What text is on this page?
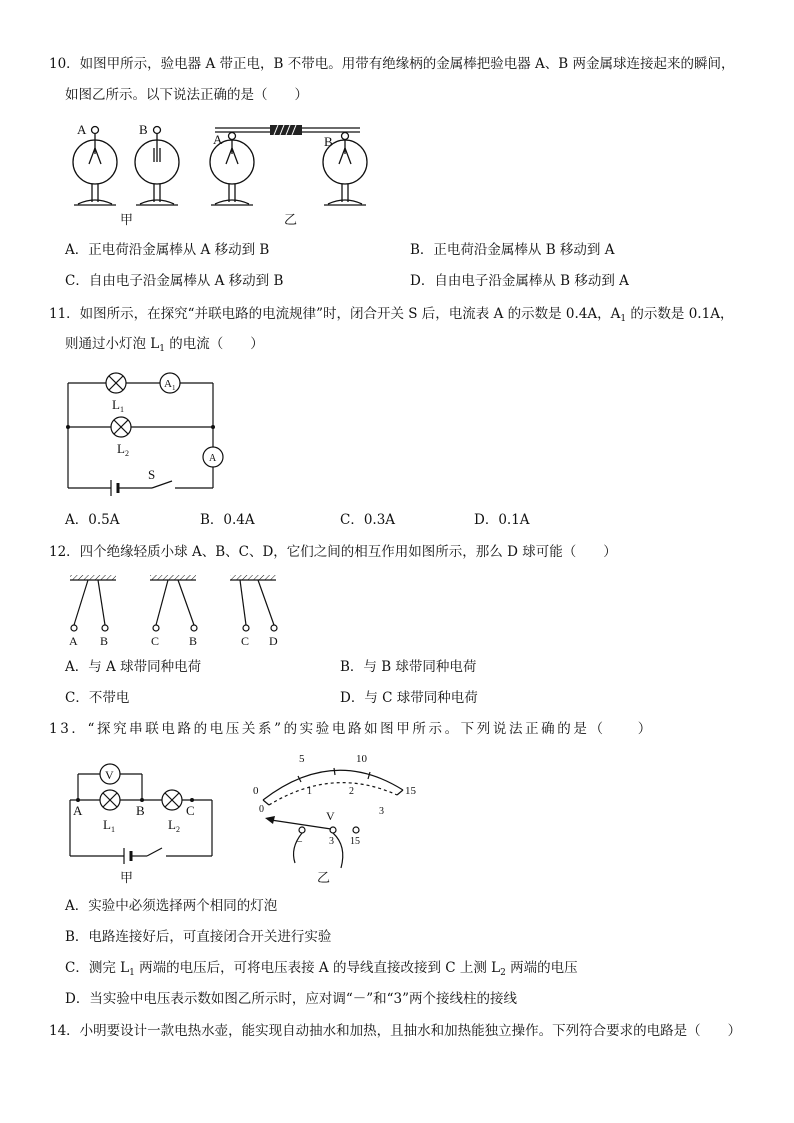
10．如图甲所示，验电器 A 带正电，B 不带电。用带有绝缘柄的金属棒把验电器 A、B 两金属球连接起来的瞬间，
如图乙所示。以下说法正确的是（　　）
A	B
A	B
甲	乙
A．正电荷沿金属棒从 A 移动到 B	B．正电荷沿金属棒从 B 移动到 A
C．自由电子沿金属棒从 A 移动到 B	D．自由电子沿金属棒从 B 移动到 A
11．如图所示，在探究“并联电路的电流规律”时，闭合开关 S 后，电流表 A 的示数是 0.4A，$A_1$ 的示数是 0.1A，
则通过小灯泡 $L_1$ 的电流（　　）
$A_1$
A
$L_1$
$L_2$
S
A．0.5A	B．0.4A	C．0.3A	D．0.1A
12．四个绝缘轻质小球 A、B、C、D，它们之间的相互作用如图所示，那么 D 球可能（　　）
A B	C B	C D
A．与 A 球带同种电荷	B．与 B 球带同种电荷
C．不带电	D．与 C 球带同种电荷
13．“探究串联电路的电压关系”的实验电路如图甲所示。下列说法正确的是（　　）
V
A	B	C
$L_1$	$L_2$
甲
0
5	10
15
0
1	2
3
V
–	3 15
乙
A．实验中必须选择两个相同的灯泡
B．电路连接好后，可直接闭合开关进行实验
C．测完 $L_1$ 两端的电压后，可将电压表接 A 的导线直接改接到 C 上测 $L_2$ 两端的电压
D．当实验中电压表示数如图乙所示时，应对调“－”和“3”两个接线柱的接线
14．小明要设计一款电热水壶，能实现自动抽水和加热，且抽水和加热能独立操作。下列符合要求的电路是（　　）
